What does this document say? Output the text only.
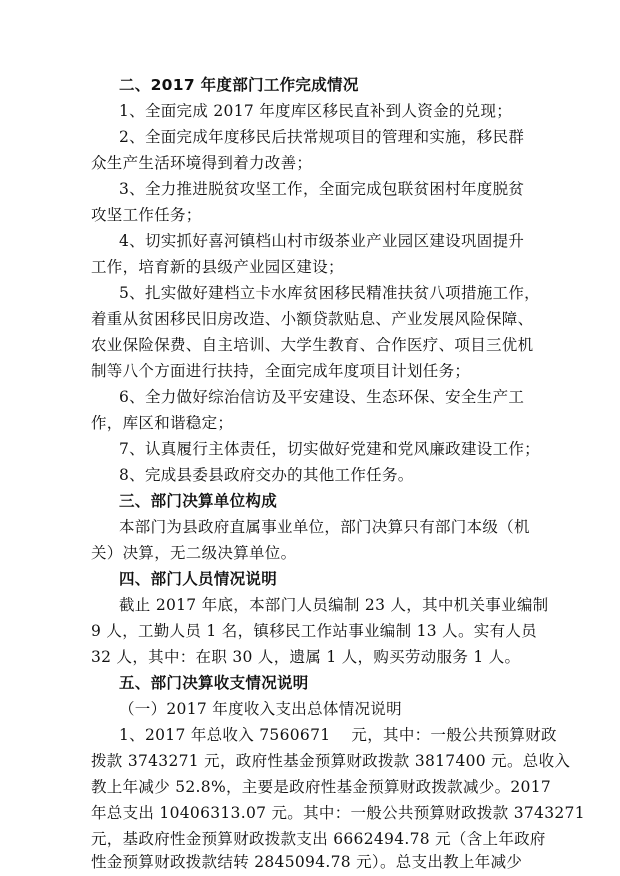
二、2017 年度部门工作完成情况
1、全面完成 2017 年度库区移民直补到人资金的兑现；
2、全面完成年度移民后扶常规项目的管理和实施，移民群
众生产生活环境得到着力改善；
3、全力推进脱贫攻坚工作，全面完成包联贫困村年度脱贫
攻坚工作任务；
4、切实抓好喜河镇档山村市级茶业产业园区建设巩固提升
工作，培育新的县级产业园区建设；
5、扎实做好建档立卡水库贫困移民精准扶贫八项措施工作，
着重从贫困移民旧房改造、小额贷款贴息、产业发展风险保障、
农业保险保费、自主培训、大学生教育、合作医疗、项目三优机
制等八个方面进行扶持，全面完成年度项目计划任务；
6、全力做好综治信访及平安建设、生态环保、安全生产工
作，库区和谐稳定；
7、认真履行主体责任，切实做好党建和党风廉政建设工作；
8、完成县委县政府交办的其他工作任务。
三、部门决算单位构成
本部门为县政府直属事业单位，部门决算只有部门本级（机
关）决算，无二级决算单位。
四、部门人员情况说明
截止 2017 年底，本部门人员编制 23 人，其中机关事业编制
9 人，工勤人员 1 名，镇移民工作站事业编制 13 人。实有人员
32 人，其中：在职 30 人，遗属 1 人，购买劳动服务 1 人。
五、部门决算收支情况说明
（一）2017 年度收入支出总体情况说明
1、2017 年总收入 7560671　 元，其中：一般公共预算财政
拨款 3743271 元，政府性基金预算财政拨款 3817400 元。总收入
教上年减少 52.8%，主要是政府性基金预算财政拨款减少。2017
年总支出 10406313.07 元。其中：一般公共预算财政拨款 3743271
元，基政府性金预算财政拨款支出 6662494.78 元（含上年政府
性金预算财政拨款结转 2845094.78 元）。总支出教上年减少
